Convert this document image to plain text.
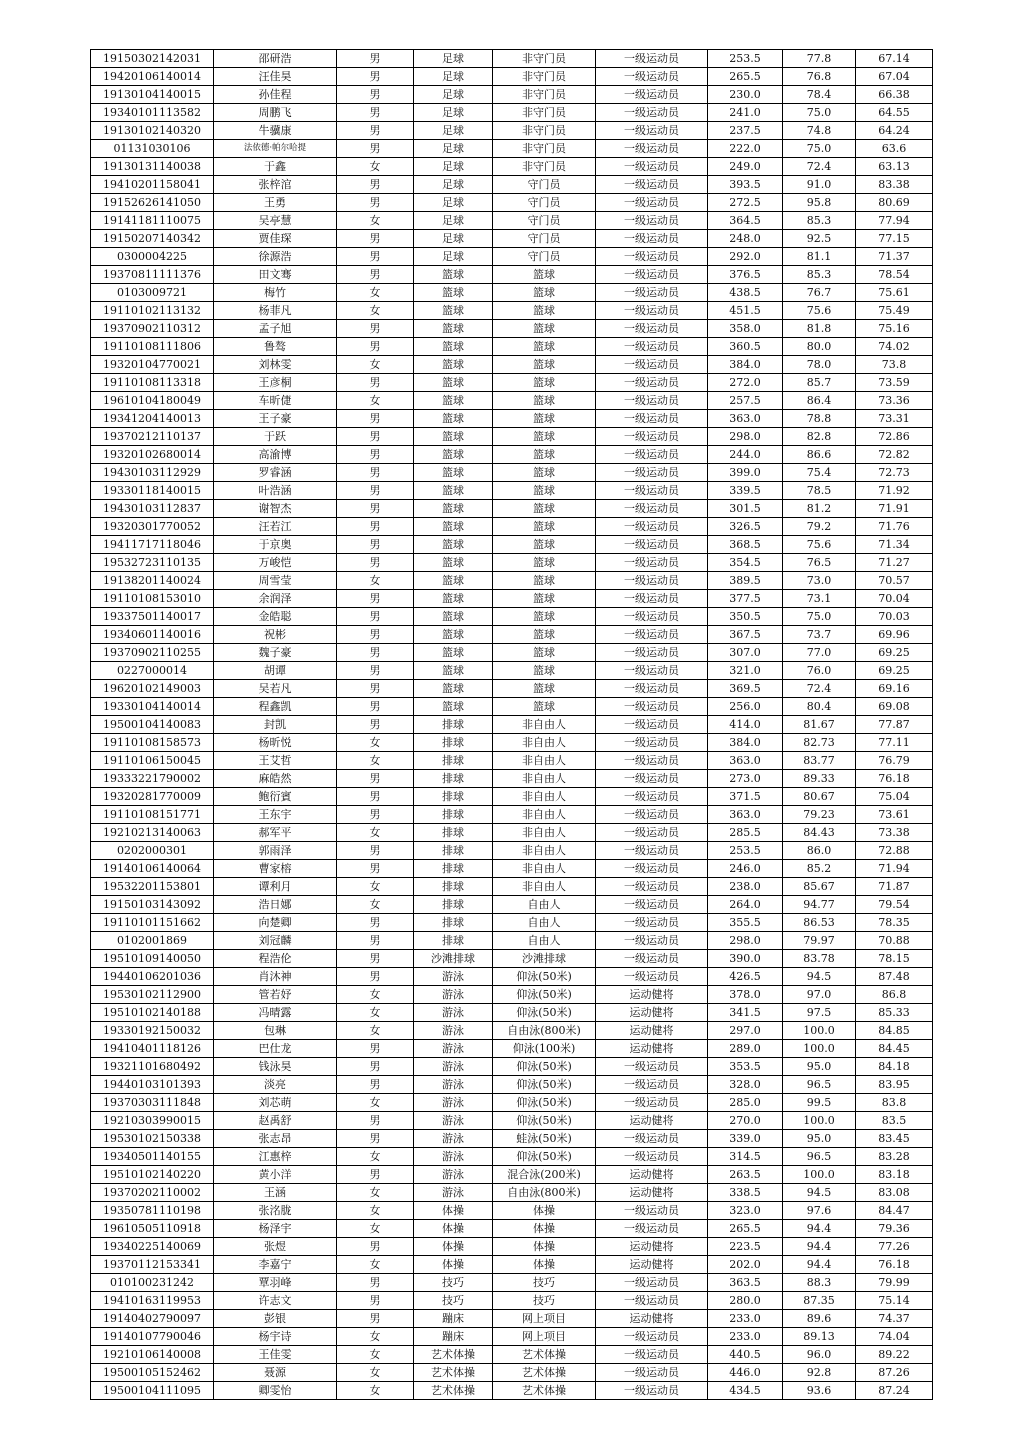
19150302142031	邵研浩	男	足球	非守门员	一级运动员	253.5	77.8	67.14
19420106140014	汪佳昊	男	足球	非守门员	一级运动员	265.5	76.8	67.04
19130104140015	孙佳程	男	足球	非守门员	一级运动员	230.0	78.4	66.38
19340101113582	周鹏飞	男	足球	非守门员	一级运动员	241.0	75.0	64.55
19130102140320	牛骥康	男	足球	非守门员	一级运动员	237.5	74.8	64.24
01131030106	法依德·帕尔哈提	男	足球	非守门员	一级运动员	222.0	75.0	63.6
19130131140038	于鑫	女	足球	非守门员	一级运动员	249.0	72.4	63.13
19410201158041	张梓涫	男	足球	守门员	一级运动员	393.5	91.0	83.38
19152626141050	王勇	男	足球	守门员	一级运动员	272.5	95.8	80.69
19141181110075	吴亭慧	女	足球	守门员	一级运动员	364.5	85.3	77.94
19150207140342	贾佳琛	男	足球	守门员	一级运动员	248.0	92.5	77.15
0300004225	徐源浩	男	足球	守门员	一级运动员	292.0	81.1	71.37
19370811111376	田文骞	男	篮球	篮球	一级运动员	376.5	85.3	78.54
0103009721	梅竹	女	篮球	篮球	一级运动员	438.5	76.7	75.61
19110102113132	杨菲凡	女	篮球	篮球	一级运动员	451.5	75.6	75.49
19370902110312	孟子旭	男	篮球	篮球	一级运动员	358.0	81.8	75.16
19110108111806	鲁骜	男	篮球	篮球	一级运动员	360.5	80.0	74.02
19320104770021	刘林雯	女	篮球	篮球	一级运动员	384.0	78.0	73.8
19110108113318	王彦桐	男	篮球	篮球	一级运动员	272.0	85.7	73.59
19610104180049	车昕倢	女	篮球	篮球	一级运动员	257.5	86.4	73.36
19341204140013	王子豪	男	篮球	篮球	一级运动员	363.0	78.8	73.31
19370212110137	于跃	男	篮球	篮球	一级运动员	298.0	82.8	72.86
19320102680014	高渝博	男	篮球	篮球	一级运动员	244.0	86.6	72.82
19430103112929	罗睿涵	男	篮球	篮球	一级运动员	399.0	75.4	72.73
19330118140015	叶浩涵	男	篮球	篮球	一级运动员	339.5	78.5	71.92
19430103112837	谢智杰	男	篮球	篮球	一级运动员	301.5	81.2	71.91
19320301770052	汪若江	男	篮球	篮球	一级运动员	326.5	79.2	71.76
19411717118046	于京奥	男	篮球	篮球	一级运动员	368.5	75.6	71.34
19532723110135	万峻恺	男	篮球	篮球	一级运动员	354.5	76.5	71.27
19138201140024	周雪莹	女	篮球	篮球	一级运动员	389.5	73.0	70.57
19110108153010	余润泽	男	篮球	篮球	一级运动员	377.5	73.1	70.04
19337501140017	金皓聪	男	篮球	篮球	一级运动员	350.5	75.0	70.03
19340601140016	祝彬	男	篮球	篮球	一级运动员	367.5	73.7	69.96
19370902110255	魏子豪	男	篮球	篮球	一级运动员	307.0	77.0	69.25
0227000014	胡谭	男	篮球	篮球	一级运动员	321.0	76.0	69.25
19620102149003	吴若凡	男	篮球	篮球	一级运动员	369.5	72.4	69.16
19330104140014	程鑫凯	男	篮球	篮球	一级运动员	256.0	80.4	69.08
19500104140083	封凯	男	排球	非自由人	一级运动员	414.0	81.67	77.87
19110108158573	杨昕悦	女	排球	非自由人	一级运动员	384.0	82.73	77.11
19110106150045	王艾哲	女	排球	非自由人	一级运动员	363.0	83.77	76.79
19333221790002	麻皓然	男	排球	非自由人	一级运动员	273.0	89.33	76.18
19320281770009	鲍衍賓	男	排球	非自由人	一级运动员	371.5	80.67	75.04
19110108151771	王东宇	男	排球	非自由人	一级运动员	363.0	79.23	73.61
19210213140063	郝军平	女	排球	非自由人	一级运动员	285.5	84.43	73.38
0202000301	郭雨泽	男	排球	非自由人	一级运动员	253.5	86.0	72.88
19140106140064	曹家榕	男	排球	非自由人	一级运动员	246.0	85.2	71.94
19532201153801	谭利月	女	排球	非自由人	一级运动员	238.0	85.67	71.87
19150103143092	浩日娜	女	排球	自由人	一级运动员	264.0	94.77	79.54
19110101151662	向楚卿	男	排球	自由人	一级运动员	355.5	86.53	78.35
0102001869	刘冠麟	男	排球	自由人	一级运动员	298.0	79.97	70.88
19510109140050	程浩伦	男	沙滩排球	沙滩排球	一级运动员	390.0	83.78	78.15
19440106201036	肖沐神	男	游泳	仰泳(50米)	一级运动员	426.5	94.5	87.48
19530102112900	管若妤	女	游泳	仰泳(50米)	运动健将	378.0	97.0	86.8
19510102140188	冯晴露	女	游泳	仰泳(50米)	运动健将	341.5	97.5	85.33
19330192150032	包琳	女	游泳	自由泳(800米)	运动健将	297.0	100.0	84.85
19410401118126	巴仕龙	男	游泳	仰泳(100米)	运动健将	289.0	100.0	84.45
19321101680492	钱泳昊	男	游泳	仰泳(50米)	一级运动员	353.5	95.0	84.18
19440103101393	淡亮	男	游泳	仰泳(50米)	一级运动员	328.0	96.5	83.95
19370303111848	刘芯萌	女	游泳	仰泳(50米)	一级运动员	285.0	99.5	83.8
19210303990015	赵禹舒	男	游泳	仰泳(50米)	运动健将	270.0	100.0	83.5
19530102150338	张志昂	男	游泳	蛙泳(50米)	一级运动员	339.0	95.0	83.45
19340501140155	江惠梓	女	游泳	仰泳(50米)	一级运动员	314.5	96.5	83.28
19510102140220	黄小洋	男	游泳	混合泳(200米)	运动健将	263.5	100.0	83.18
19370202110002	王涵	女	游泳	自由泳(800米)	运动健将	338.5	94.5	83.08
19350781110198	张洺胧	女	体操	体操	一级运动员	323.0	97.6	84.47
19610505110918	杨泽宇	女	体操	体操	一级运动员	265.5	94.4	79.36
19340225140069	张煜	男	体操	体操	运动健将	223.5	94.4	77.26
19370112153341	李嘉宁	女	体操	体操	运动健将	202.0	94.4	76.18
010100231242	覃羽峰	男	技巧	技巧	一级运动员	363.5	88.3	79.99
19410163119953	许志文	男	技巧	技巧	一级运动员	280.0	87.35	75.14
19140402790097	彭银	男	蹦床	网上项目	运动健将	233.0	89.6	74.37
19140107790046	杨宇诗	女	蹦床	网上项目	一级运动员	233.0	89.13	74.04
19210106140008	王佳雯	女	艺术体操	艺术体操	一级运动员	440.5	96.0	89.22
19500105152462	聂源	女	艺术体操	艺术体操	一级运动员	446.0	92.8	87.26
19500104111095	卿雯怡	女	艺术体操	艺术体操	一级运动员	434.5	93.6	87.24
